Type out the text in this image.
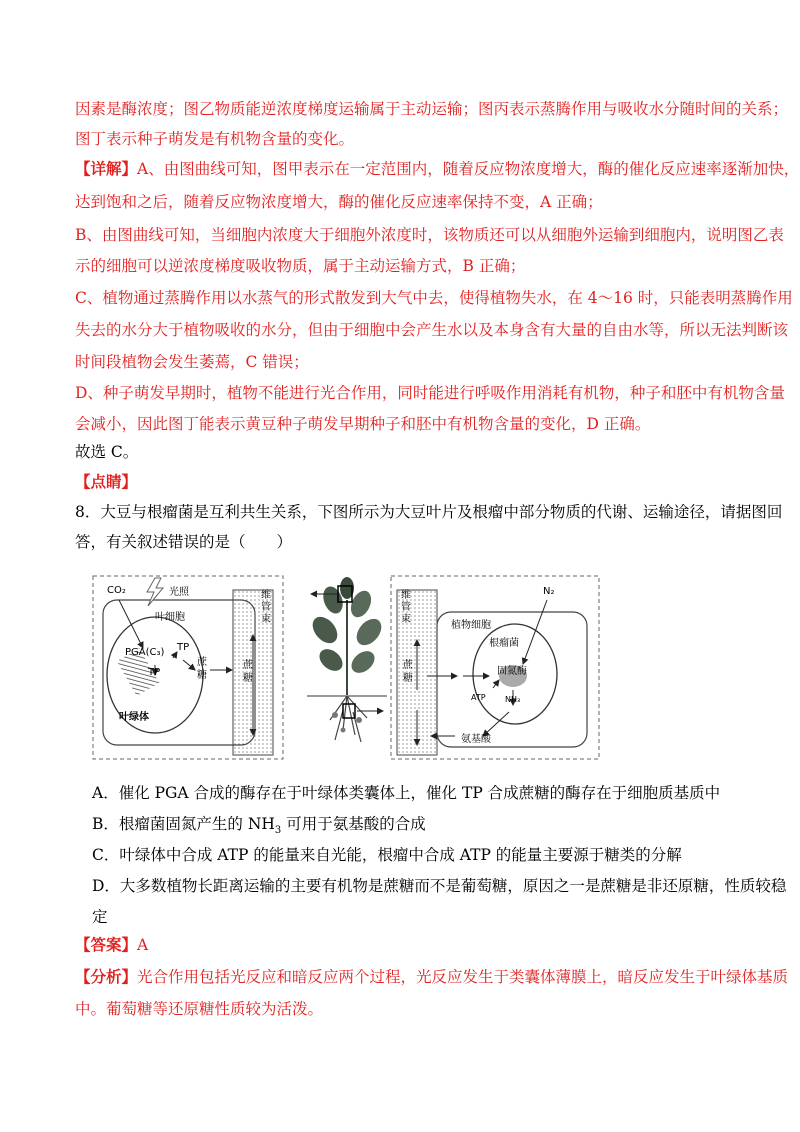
因素是酶浓度；图乙物质能逆浓度梯度运输属于主动运输；图丙表示蒸腾作用与吸收水分随时间的关系；
图丁表示种子萌发是有机物含量的变化。
【详解】A、由图曲线可知，图甲表示在一定范围内，随着反应物浓度增大，酶的催化反应速率逐渐加快，
达到饱和之后，随着反应物浓度增大，酶的催化反应速率保持不变，A 正确；
B、由图曲线可知，当细胞内浓度大于细胞外浓度时，该物质还可以从细胞外运输到细胞内，说明图乙表
示的细胞可以逆浓度梯度吸收物质，属于主动运输方式，B 正确；
C、植物通过蒸腾作用以水蒸气的形式散发到大气中去，使得植物失水，在 4～16 时，只能表明蒸腾作用
失去的水分大于植物吸收的水分，但由于细胞中会产生水以及本身含有大量的自由水等，所以无法判断该
时间段植物会发生萎蔫，C 错误；
D、种子萌发早期时，植物不能进行光合作用，同时能进行呼吸作用消耗有机物，种子和胚中有机物含量
会减小，因此图丁能表示黄豆种子萌发早期种子和胚中有机物含量的变化，D 正确。
故选 C。
【点睛】
8．大豆与根瘤菌是互利共生关系，下图所示为大豆叶片及根瘤中部分物质的代谢、运输途径，请据图回
答，有关叙述错误的是（　　）
CO₂	光照
叶细胞
PGA(C₃) TP
TP
蔗
糖
叶绿体
维
管
束
蔗
糖
维
管
束
蔗
糖
植物细胞
N₂
根瘤菌
固氮酶
ATP NH₃
氨基酸
A．催化 PGA 合成的酶存在于叶绿体类囊体上，催化 TP 合成蔗糖的酶存在于细胞质基质中
B．根瘤菌固氮产生的 $NH_3$ 可用于氨基酸的合成
C．叶绿体中合成 ATP 的能量来自光能，根瘤中合成 ATP 的能量主要源于糖类的分解
D．大多数植物长距离运输的主要有机物是蔗糖而不是葡萄糖，原因之一是蔗糖是非还原糖，性质较稳
定
【答案】A
【分析】光合作用包括光反应和暗反应两个过程，光反应发生于类囊体薄膜上，暗反应发生于叶绿体基质
中。葡萄糖等还原糖性质较为活泼。
